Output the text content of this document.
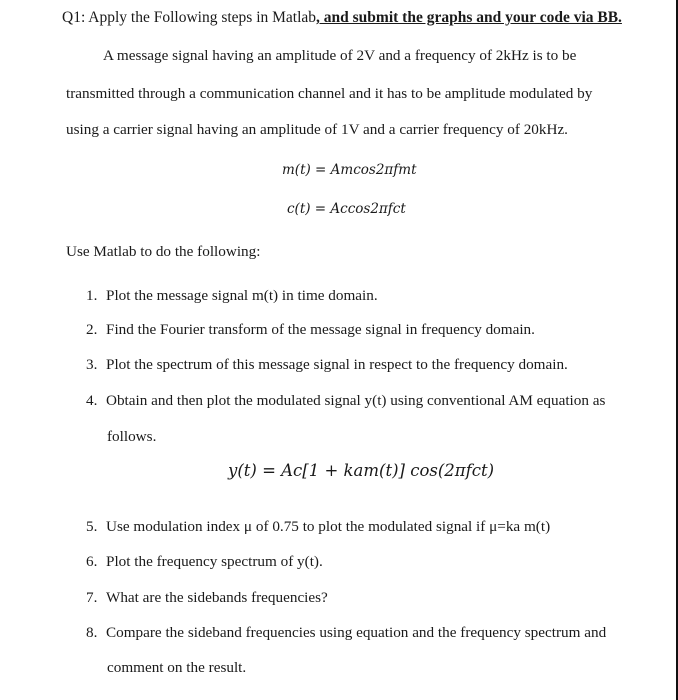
Q1: Apply the Following steps in Matlab, and submit the graphs and your code via BB.
A message signal having an amplitude of 2V and a frequency of 2kHz is to be
transmitted through a communication channel and it has to be amplitude modulated by
using a carrier signal having an amplitude of 1V and a carrier frequency of 20kHz.
m(t) = Amcos2πfmt
c(t) = Accos2πfct
Use Matlab to do the following:
1. Plot the message signal m(t) in time domain.
2. Find the Fourier transform of the message signal in frequency domain.
3. Plot the spectrum of this message signal in respect to the frequency domain.
4. Obtain and then plot the modulated signal y(t) using conventional AM equation as
follows.
y(t) = Ac[1 + kam(t)] cos(2πfct)
5. Use modulation index μ of 0.75 to plot the modulated signal if μ=ka m(t)
6. Plot the frequency spectrum of y(t).
7. What are the sidebands frequencies?
8. Compare the sideband frequencies using equation and the frequency spectrum and
comment on the result.
